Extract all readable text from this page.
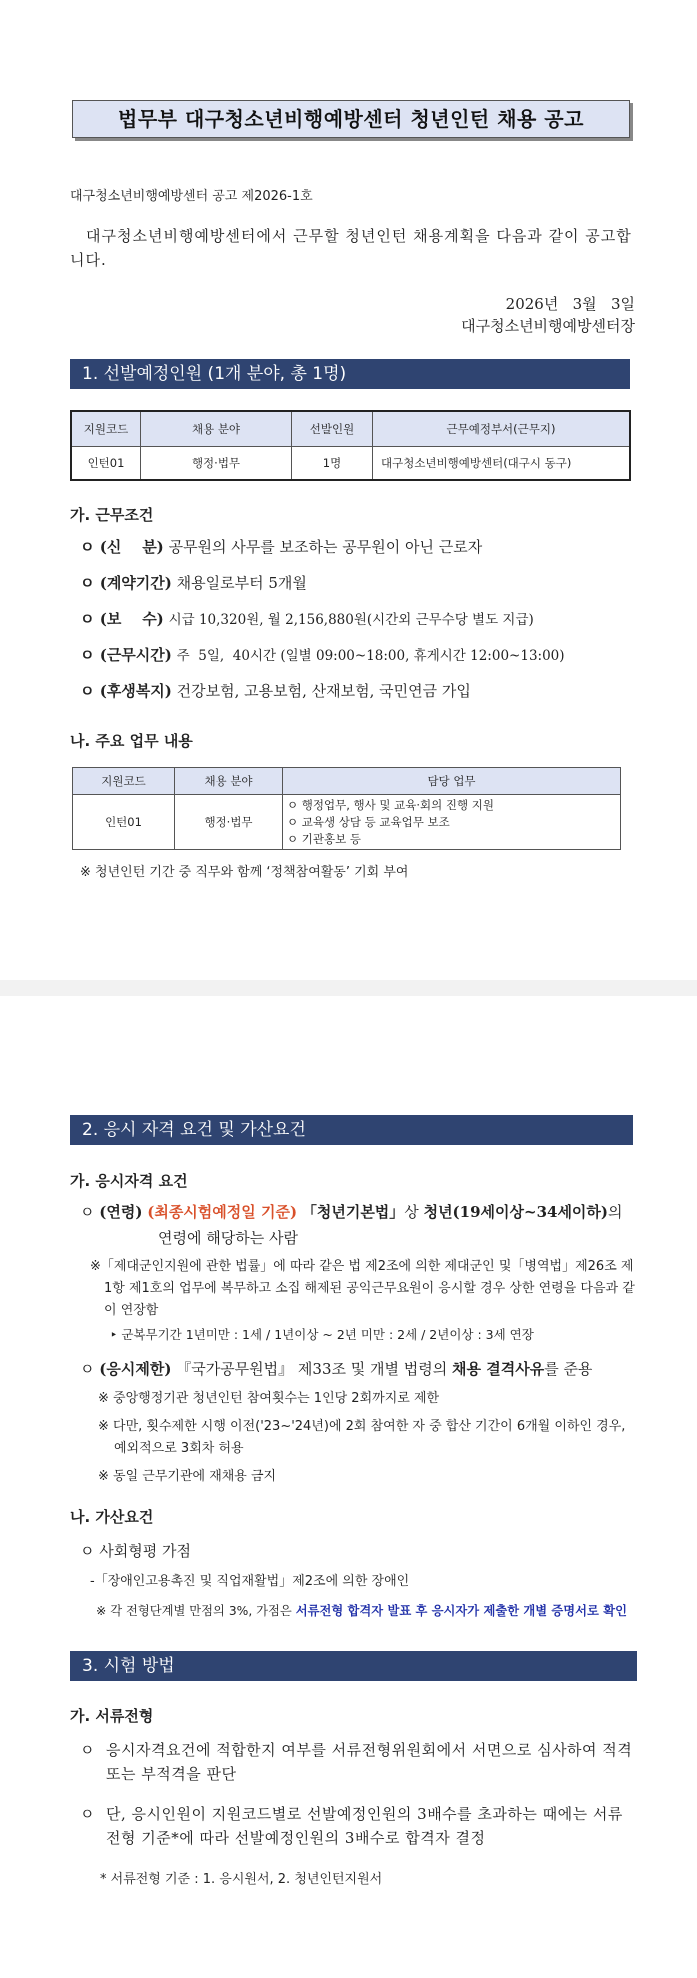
법무부 대구청소년비행예방센터 청년인턴 채용 공고
대구청소년비행예방센터 공고 제2026-1호
대구청소년비행예방센터에서 근무할 청년인턴 채용계획을 다음과 같이 공고합니다.
2026년   3월   3일
대구청소년비행예방센터장
1. 선발예정인원 (1개 분야, 총 1명)
지원코드	채용 분야	선발인원	근무예정부서(근무지)
인턴01	행정·법무	1명	대구청소년비행예방센터(대구시 동구)
가. 근무조건
ㅇ (신    분) 공무원의 사무를 보조하는 공무원이 아닌 근로자
ㅇ (계약기간) 채용일로부터 5개월
ㅇ (보    수) 시급 10,320원, 월 2,156,880원(시간외 근무수당 별도 지급)
ㅇ (근무시간) 주  5일,  40시간 (일별 09:00~18:00, 휴게시간 12:00~13:00)
ㅇ (후생복지) 건강보험, 고용보험, 산재보험, 국민연금 가입
나. 주요 업무 내용
지원코드	채용 분야	담당 업무
인턴01	행정·법무	ㅇ 행정업무, 행사 및 교육·회의 진행 지원
ㅇ 교육생 상담 등 교육업무 보조
ㅇ 기관홍보 등
※ 청년인턴 기간 중 직무와 함께 ‘정책참여활동’ 기회 부여
2. 응시 자격 요건 및 가산요건
가. 응시자격 요건
ㅇ (연령) (최종시험예정일 기준) 「청년기본법」상 청년(19세이상~34세이하)의
연령에 해당하는 사람
※「제대군인지원에 관한 법률」에 따라 같은 법 제2조에 의한 제대군인 및「병역법」제26조 제1항 제1호의 업무에 복무하고 소집 해제된 공익근무요원이 응시할 경우 상한 연령을 다음과 같이 연장함
‣ 군복무기간 1년미만 : 1세 / 1년이상 ~ 2년 미만 : 2세 / 2년이상 : 3세 연장
ㅇ (응시제한) 『국가공무원법』 제33조 및 개별 법령의 채용 결격사유를 준용
※ 중앙행정기관 청년인턴 참여횟수는 1인당 2회까지로 제한
※ 다만, 횟수제한 시행 이전('23~'24년)에 2회 참여한 자 중 합산 기간이 6개월 이하인 경우, 예외적으로 3회차 허용
※ 동일 근무기관에 재채용 금지
나. 가산요건
ㅇ 사회형평 가점
-「장애인고용촉진 및 직업재활법」제2조에 의한 장애인
※ 각 전형단계별 만점의 3%, 가점은 서류전형 합격자 발표 후 응시자가 제출한 개별 증명서로 확인
3. 시험 방법
가. 서류전형
ㅇ 응시자격요건에 적합한지 여부를 서류전형위원회에서 서면으로 심사하여 적격 또는 부적격을 판단
ㅇ 단, 응시인원이 지원코드별로 선발예정인원의 3배수를 초과하는 때에는 서류전형 기준*에 따라 선발예정인원의 3배수로 합격자 결정
* 서류전형 기준 : 1. 응시원서, 2. 청년인턴지원서
